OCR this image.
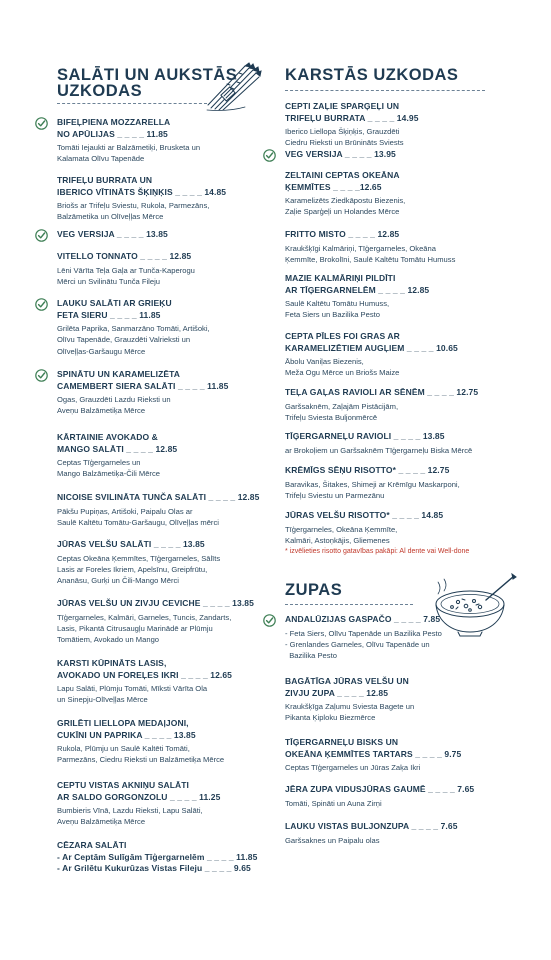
SALĀTI UN AUKSTĀS
UZKODAS
BIFEĻPIENA MOZZARELLA
NO APŪLIJAS _ _ _ _ 11.85
Tomāti Iejaukti ar Balzāmetiķi, Brusketa un
Kalamata Olīvu Tapenāde
TRIFEĻU BURRATA UN
IBERICO VĪTINĀTS ŠĶIŅĶIS _ _ _ _ 14.85
Briošs ar Trifeļu Sviestu, Rukola, Parmezāns,
Balzāmetika un Olīveļļas Mērce
VEG VERSIJA _ _ _ _ 13.85
VITELLO TONNATO _ _ _ _ 12.85
Lēni Vārīta Teļa Gaļa ar Tunča-Kaperogu
Mērci un Svilinātu Tunča Fileju
LAUKU SALĀTI AR GRIEĶU
FETA SIERU _ _ _ _ 11.85
Grilēta Paprika, Sanmarzāno Tomāti, Artišoki,
Olīvu Tapenāde, Grauzdēti Valrieksti un
Olīveļļas-Garšaugu Mērce
SPINĀTU UN KARAMELIZĒTA
CAMEMBERT SIERA SALĀTI _ _ _ _ 11.85
Ogas, Grauzdēti Lazdu Rieksti un
Aveņu Balzāmetiķa Mērce
KĀRTAINIE AVOKADO &
MANGO SALĀTI _ _ _ _ 12.85
Ceptas Tīģergarneles un
Mango Balzāmetiķa-Čili Mērce
NICOISE SVILINĀTA TUNČA SALĀTI _ _ _ _ 12.85
Pākšu Pupiņas, Artišoki, Paipalu Olas ar
Saulē Kaltētu Tomātu-Garšaugu, Olīveļļas mērci
JŪRAS VELŠU SALĀTI _ _ _ _ 13.85
Ceptas Okeāna Ķemmītes, Tīģergarneles, Sālīts
Lasis ar Foreles Ikriem, Apelsīnu, Greipfrūtu,
Ananāsu, Gurķi un Čili-Mango Mērci
JŪRAS VELŠU UN ZIVJU CEVICHE _ _ _ _ 13.85
Tīģergarneles, Kalmāri, Garneles, Tuncis, Zandarts,
Lasis, Pikantā Citrusaugļu Marinādē ar Plūmju
Tomātiem, Avokado un Mango
KARSTI KŪPINĀTS LASIS,
AVOKADO UN FOREĻES IKRI _ _ _ _ 12.65
Lapu Salāti, Plūmju Tomāti, Mīksti Vārīta Ola
un Sinepju-Olīveļļas Mērce
GRILĒTI LIELLOPA MEDAļJONI,
CUKĪNI UN PAPRIKA _ _ _ _ 13.85
Rukola, Plūmju un Saulē Kaltēti Tomāti,
Parmezāns, Ciedru Rieksti un Balzāmetiķa Mērce
CEPTU VISTAS AKNIŅU SALĀTI
AR SALDO GORGONZOLU _ _ _ _ 11.25
Bumbieris Vīnā, Lazdu Rieksti, Lapu Salāti,
Aveņu Balzāmetiķa Mērce
CĒZARA SALĀTI
- Ar Ceptām Sulīgām Tīģergarnelēm _ _ _ _ 11.85
- Ar Grilētu Kukurūzas Vistas Fileju _ _ _ _ 9.65
KARSTĀS UZKODAS
CEPTI ZAĻIE SPARĢEĻI UN
TRIFEĻU BURRATA _ _ _ _ 14.95
Iberico Liellopa Šķiņķis, Grauzdēti
Ciedru Rieksti un Brūnināts Sviests
VEG VERSIJA _ _ _ _ 13.95
ZELTAINI CEPTAS OKEĀNA
ĶEMMĪTES _ _ _ _12.65
Karamelizēts Ziedkāpostu Biezenis,
Zaļie Sparģeļi un Holandes Mērce
FRITTO MISTO _ _ _ _ 12.85
Kraukšķīgi Kalmāriņi, Tīģergarneles, Okeāna
Ķemmīte, Brokolīni, Saulē Kaltētu Tomātu Humuss
MAZIE KALMĀRIŅI PILDĪTI
AR TĪĢERGARNELĒM _ _ _ _ 12.85
Saulē Kaltētu Tomātu Humuss,
Feta Siers un Bazilika Pesto
CEPTA PĪLES FOI GRAS AR
KARAMELIZĒTIEM AUGĻIEM _ _ _ _ 10.65
Ābolu Vaniļas Biezenis,
Meža Ogu Mērce un Briošs Maize
TEĻA GAĻAS RAVIOLI AR SĒNĒM _ _ _ _ 12.75
Garšsaknēm, Zaļajām Pistācijām,
Trifeļu Sviesta Buljonmērcē
TĪĢERGARNEĻU RAVIOLI _ _ _ _ 13.85
ar Brokoļiem un Garšsaknēm Tīģergarneļu Biska Mērcē
KRĒMĪGS SĒŅU RISOTTO* _ _ _ _ 12.75
Baravikas, Šitakes, Shimeji ar Krēmīgu Maskarponi,
Trifeļu Sviestu un Parmezānu
JŪRAS VELŠU RISOTTO* _ _ _ _ 14.85
Tīģergarneles, Okeāna Ķemmīte,
Kalmāri, Astoņkājis, Gliemenes
* izvēlieties risotto gatavības pakāpi: Al dente vai Well-done
ZUPAS
ANDALŪZIJAS GASPAČO _ _ _ _ 7.85
- Feta Siers, Olīvu Tapenāde un Bazilika Pesto
- Grenlandes Garneles, Olīvu Tapenāde un
Bazilika Pesto
BAGĀTĪGA JŪRAS VELŠU UN
ZIVJU ZUPA _ _ _ _ 12.85
Kraukšķīga Zaļumu Sviesta Bagete un
Pikanta Ķiploku Biezmērce
TĪĢERGARNEĻU BISKS UN
OKEĀNA ĶEMMĪTES TARTARS _ _ _ _ 9.75
Ceptas Tīģergarneles un Jūras Zaķa Ikri
JĒRA ZUPA VIDUSJŪRAS GAUMĒ _ _ _ _ 7.65
Tomāti, Spināti un Auna Zirņi
LAUKU VISTAS BULJONZUPA _ _ _ _ 7.65
Garšsaknes un Paipalu olas
